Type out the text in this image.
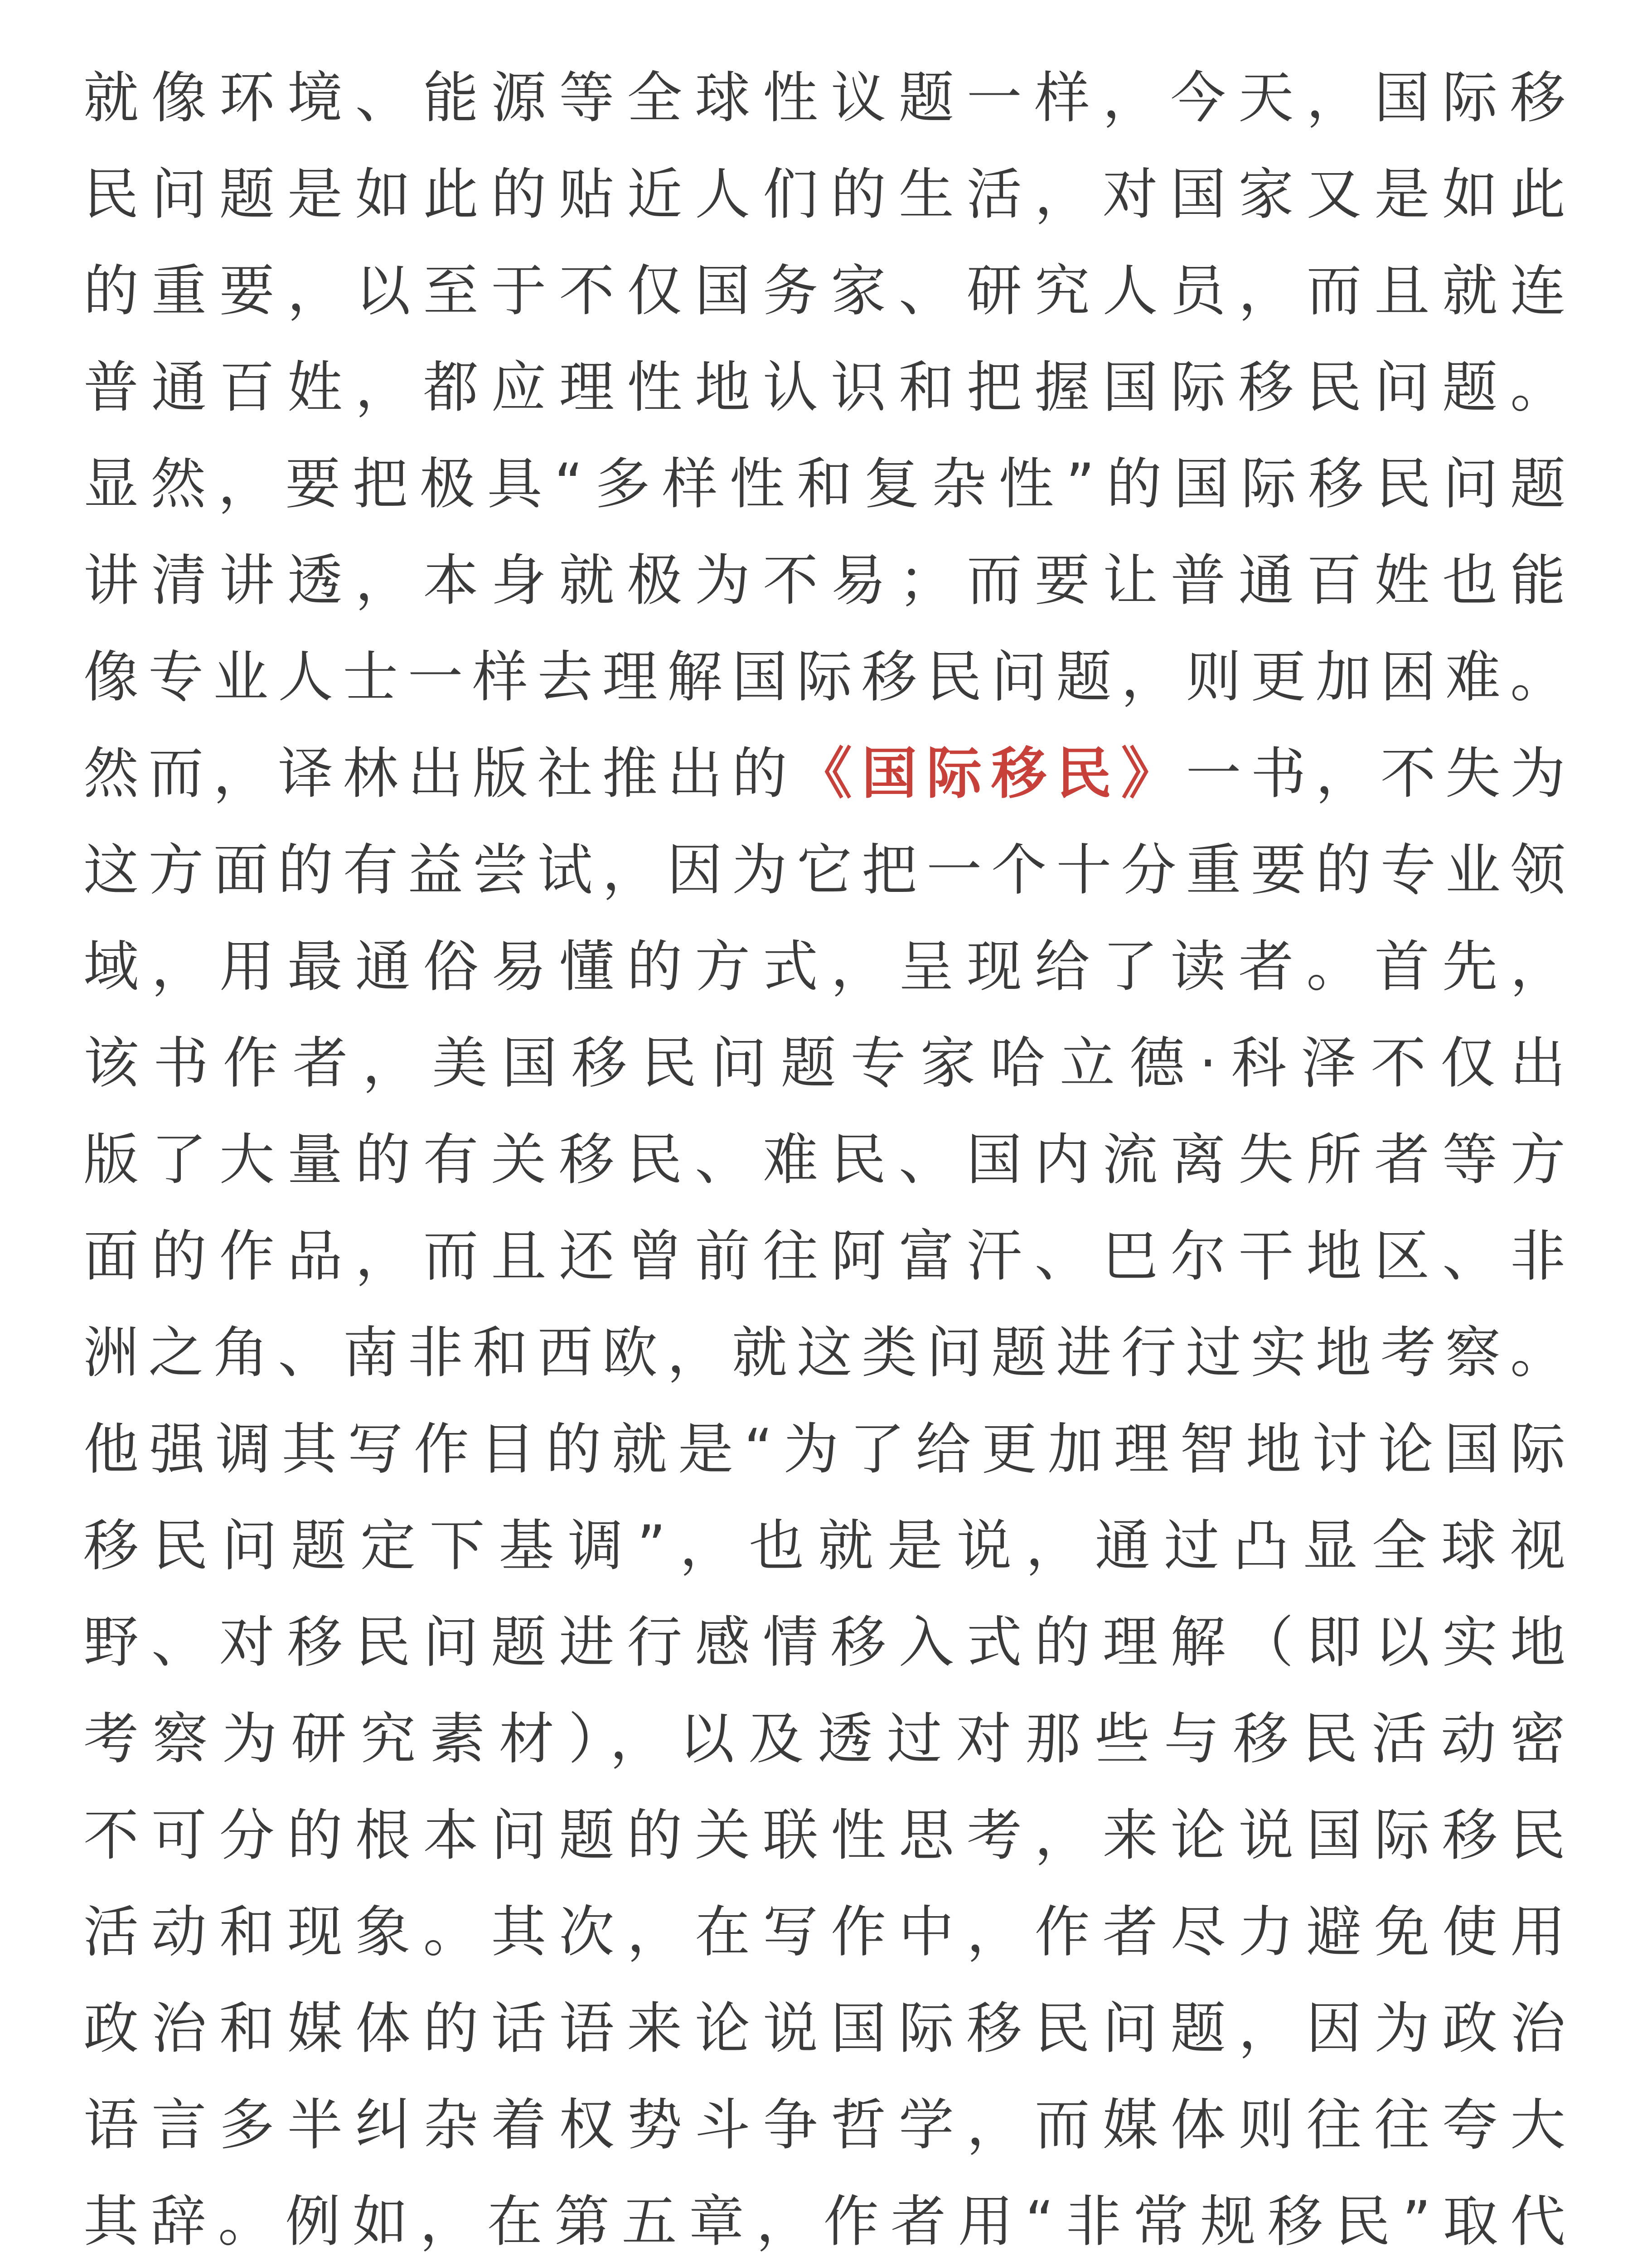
就像环境、能源等全球性议题一样，今天，国际移
民问题是如此的贴近人们的生活，对国家又是如此
的重要，以至于不仅国务家、研究人员，而且就连
普通百姓，都应理性地认识和把握国际移民问题。
显然，要把极具“多样性和复杂性”的国际移民问题
讲清讲透，本身就极为不易；而要让普通百姓也能
像专业人士一样去理解国际移民问题，则更加困难。
然而，译林出版社推出的《国际移民》一书，不失为
这方面的有益尝试，因为它把一个十分重要的专业领
域，用最通俗易懂的方式，呈现给了读者。首先，
该书作者，美国移民问题专家哈立德·科泽不仅出
版了大量的有关移民、难民、国内流离失所者等方
面的作品，而且还曾前往阿富汗、巴尔干地区、非
洲之角、南非和西欧，就这类问题进行过实地考察。
他强调其写作目的就是“为了给更加理智地讨论国际
移民问题定下基调”，也就是说，通过凸显全球视
野、对移民问题进行感情移入式的理解（即以实地
考察为研究素材），以及透过对那些与移民活动密
不可分的根本问题的关联性思考，来论说国际移民
活动和现象。其次，在写作中，作者尽力避免使用
政治和媒体的话语来论说国际移民问题，因为政治
语言多半纠杂着权势斗争哲学，而媒体则往往夸大
其辞。例如，在第五章，作者用“非常规移民”取代
